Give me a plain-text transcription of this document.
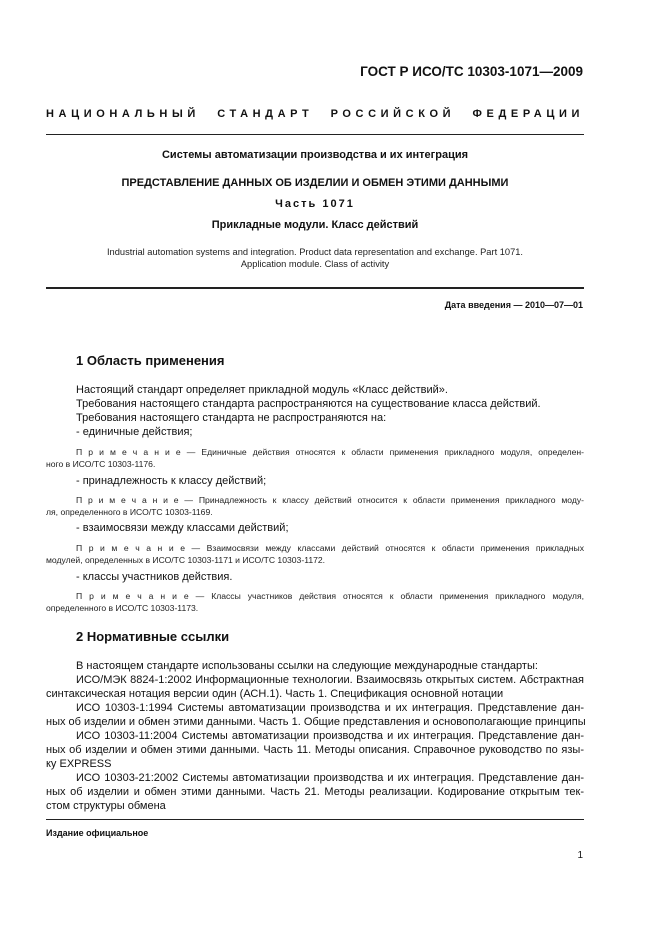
ГОСТ Р ИСО/ТС 10303-1071—2009
НАЦИОНАЛЬНЫЙ СТАНДАРТ РОССИЙСКОЙ ФЕДЕРАЦИИ
Системы автоматизации производства и их интеграция
ПРЕДСТАВЛЕНИЕ ДАННЫХ ОБ ИЗДЕЛИИ И ОБМЕН ЭТИМИ ДАННЫМИ
Часть 1071
Прикладные модули. Класс действий
Industrial automation systems and integration. Product data representation and exchange. Part 1071.
Application module. Class of activity
Дата введения — 2010—07—01
1 Область применения
Настоящий стандарт определяет прикладной модуль «Класс действий».
Требования настоящего стандарта распространяются на существование класса действий.
Требования настоящего стандарта не распространяются на:
- единичные действия;
П р и м е ч а н и е — Единичные действия относятся к области применения прикладного модуля, определен-
ного в ИСО/ТС 10303-1176.
- принадлежность к классу действий;
П р и м е ч а н и е — Принадлежность к классу действий относится к области применения прикладного моду-
ля, определенного в ИСО/ТС 10303-1169.
- взаимосвязи между классами действий;
П р и м е ч а н и е — Взаимосвязи между классами действий относятся к области применения прикладных
модулей, определенных в ИСО/ТС 10303-1171 и ИСО/ТС 10303-1172.
- классы участников действия.
П р и м е ч а н и е — Классы участников действия относятся к области применения прикладного модуля,
определенного в ИСО/ТС 10303-1173.
2 Нормативные ссылки
В настоящем стандарте использованы ссылки на следующие международные стандарты:
ИСО/МЭК 8824-1:2002 Информационные технологии. Взаимосвязь открытых систем. Абстрактная
синтаксическая нотация версии один (АСН.1). Часть 1. Спецификация основной нотации
ИСО 10303-1:1994 Системы автоматизации производства и их интеграция. Представление дан-
ных об изделии и обмен этими данными. Часть 1. Общие представления и основополагающие принципы
ИСО 10303-11:2004 Системы автоматизации производства и их интеграция. Представление дан-
ных об изделии и обмен этими данными. Часть 11. Методы описания. Справочное руководство по язы-
ку EXPRESS
ИСО 10303-21:2002 Системы автоматизации производства и их интеграция. Представление дан-
ных об изделии и обмен этими данными. Часть 21. Методы реализации. Кодирование открытым тек-
стом структуры обмена
Издание официальное
1
